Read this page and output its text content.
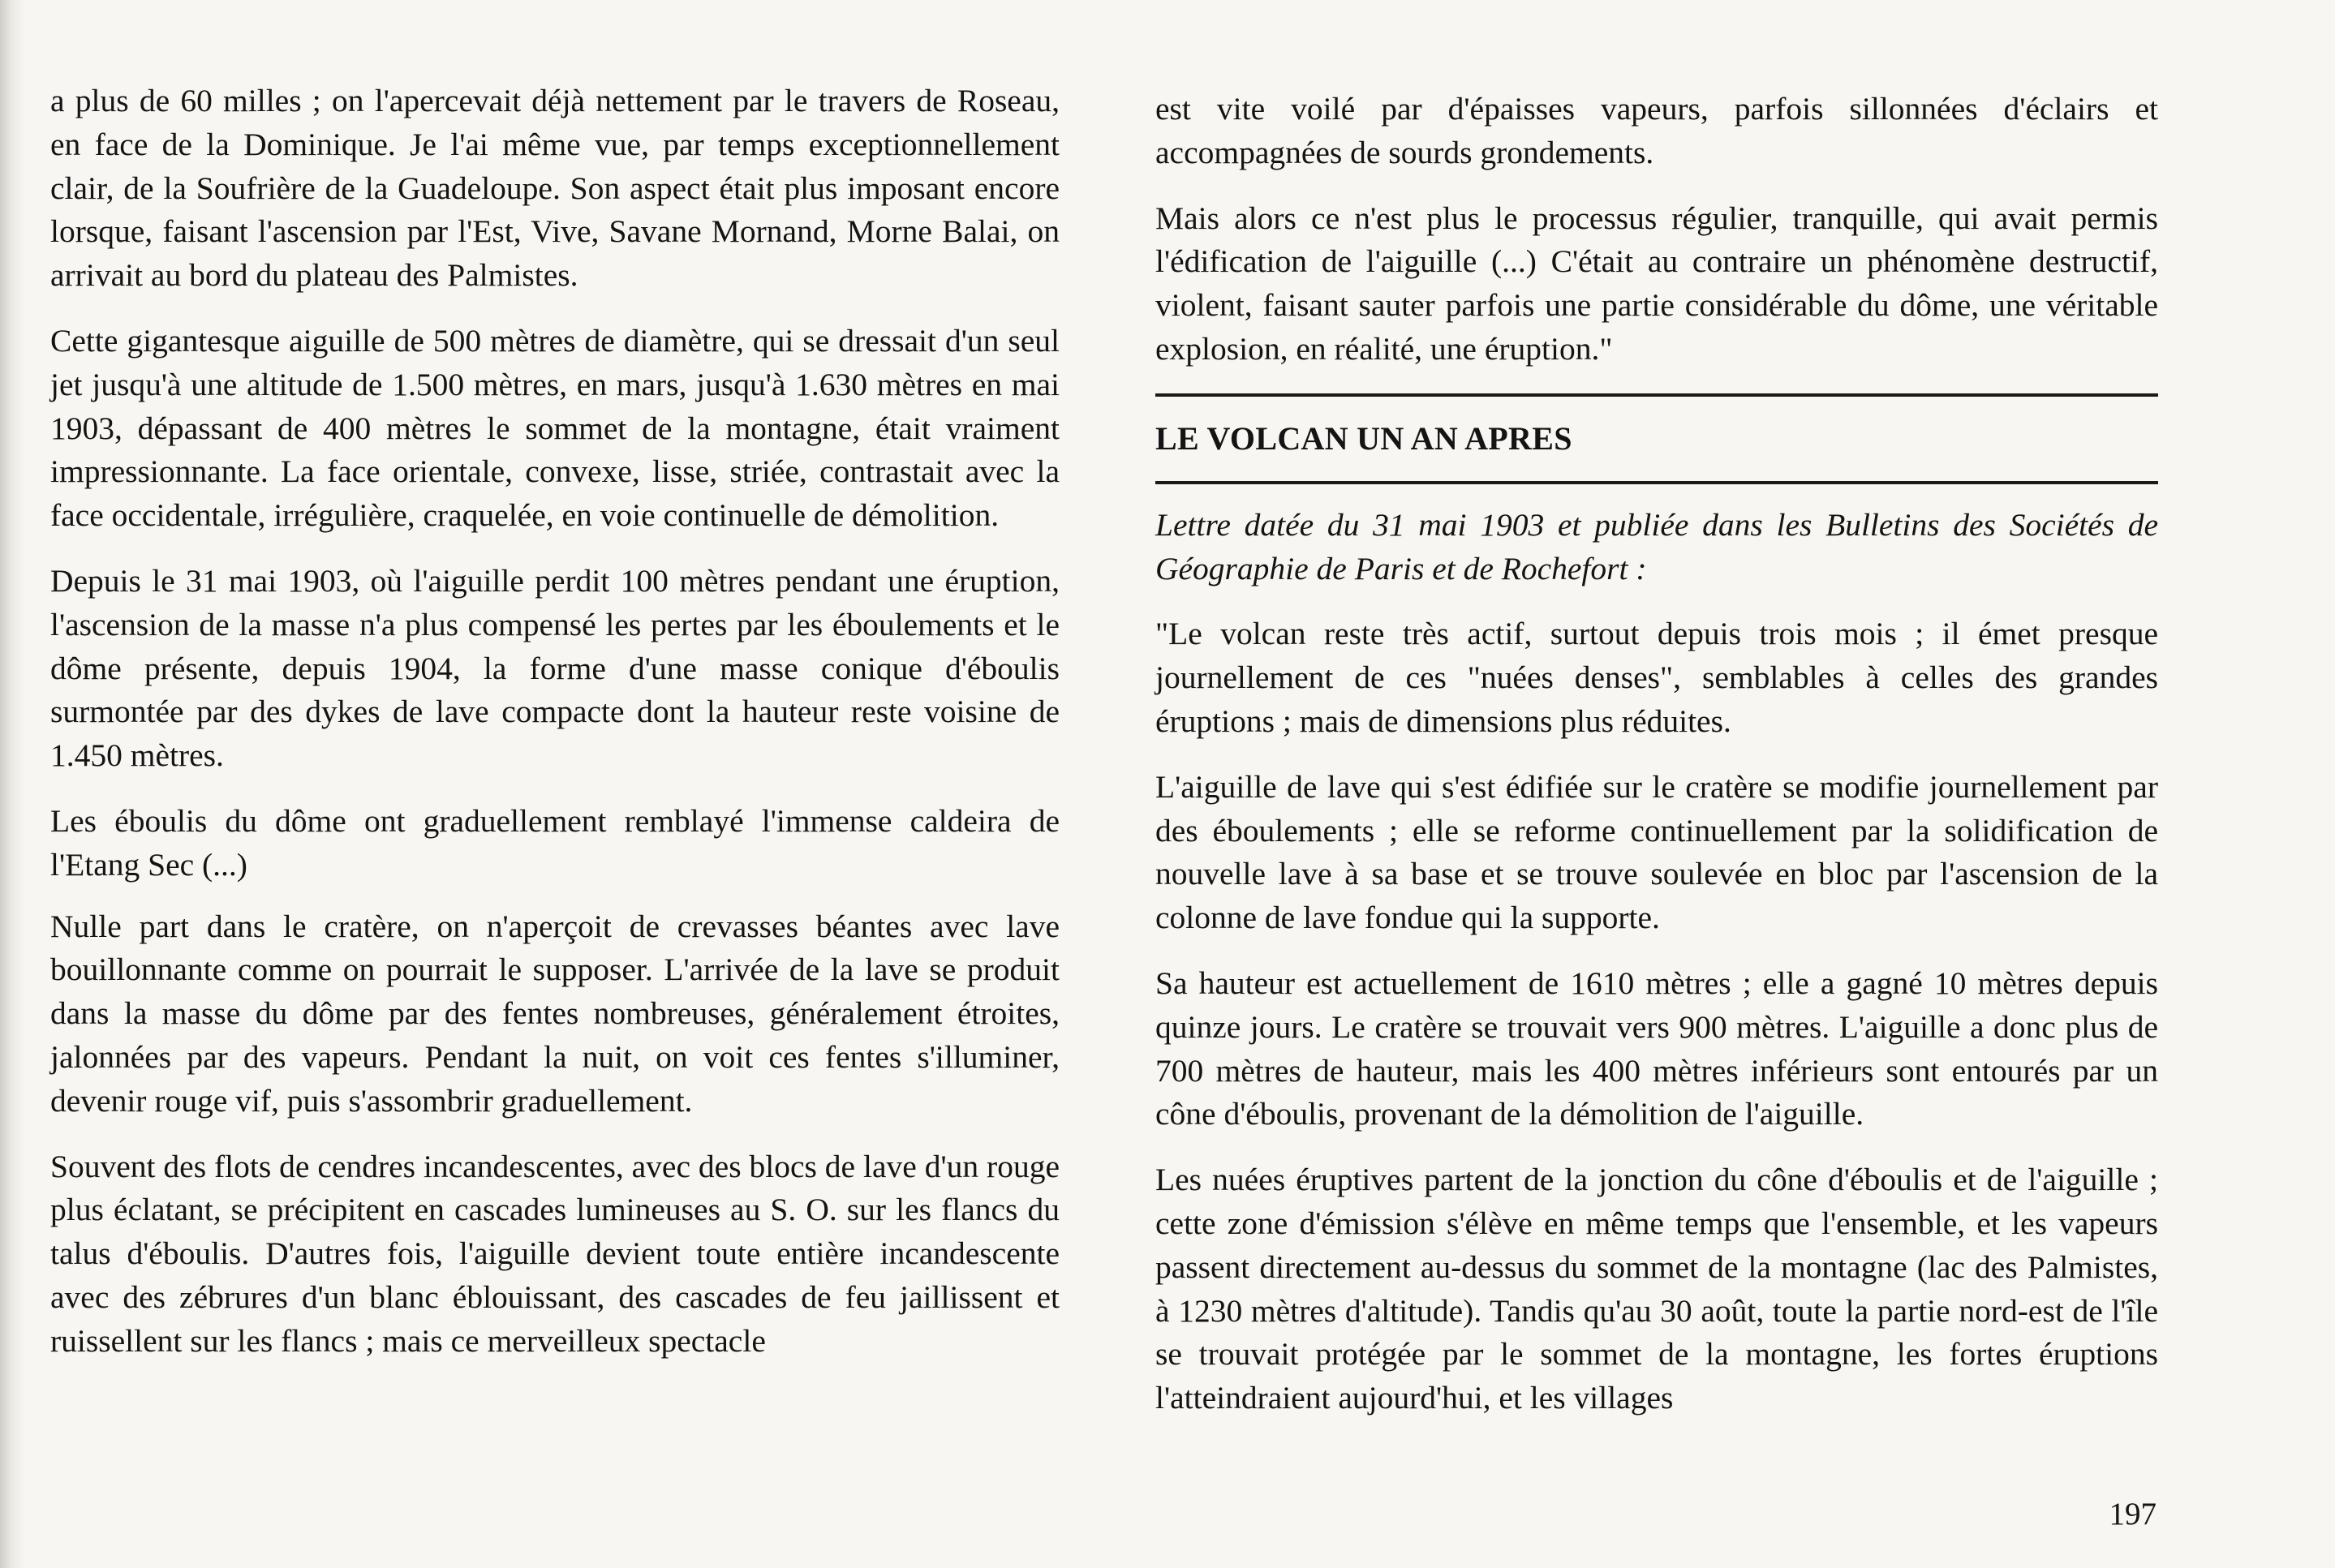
a plus de 60 milles ; on l'apercevait déjà nettement par le travers de Roseau, en face de la Dominique. Je l'ai même vue, par temps exceptionnellement clair, de la Soufrière de la Guadeloupe. Son aspect était plus imposant encore lorsque, faisant l'ascension par l'Est, Vive, Savane Mornand, Morne Balai, on arrivait au bord du plateau des Palmistes.

Cette gigantesque aiguille de 500 mètres de diamètre, qui se dressait d'un seul jet jusqu'à une altitude de 1.500 mètres, en mars, jusqu'à 1.630 mètres en mai 1903, dépassant de 400 mètres le sommet de la montagne, était vraiment impressionnante. La face orientale, convexe, lisse, striée, contrastait avec la face occidentale, irrégulière, craquelée, en voie continuelle de démolition.

Depuis le 31 mai 1903, où l'aiguille perdit 100 mètres pendant une éruption, l'ascension de la masse n'a plus compensé les pertes par les éboulements et le dôme présente, depuis 1904, la forme d'une masse conique d'éboulis surmontée par des dykes de lave compacte dont la hauteur reste voisine de 1.450 mètres.

Les éboulis du dôme ont graduellement remblayé l'immense caldeira de l'Etang Sec (...)

Nulle part dans le cratère, on n'aperçoit de crevasses béantes avec lave bouillonnante comme on pourrait le supposer. L'arrivée de la lave se produit dans la masse du dôme par des fentes nombreuses, généralement étroites, jalonnées par des vapeurs. Pendant la nuit, on voit ces fentes s'illuminer, devenir rouge vif, puis s'assombrir graduellement.

Souvent des flots de cendres incandescentes, avec des blocs de lave d'un rouge plus éclatant, se précipitent en cascades lumineuses au S. O. sur les flancs du talus d'éboulis. D'autres fois, l'aiguille devient toute entière incandescente avec des zébrures d'un blanc éblouissant, des cascades de feu jaillissent et ruissellent sur les flancs ; mais ce merveilleux spectacle

est vite voilé par d'épaisses vapeurs, parfois sillonnées d'éclairs et accompagnées de sourds grondements.

Mais alors ce n'est plus le processus régulier, tranquille, qui avait permis l'édification de l'aiguille (...) C'était au contraire un phénomène destructif, violent, faisant sauter parfois une partie considérable du dôme, une véritable explosion, en réalité, une éruption."

LE VOLCAN UN AN APRES

Lettre datée du 31 mai 1903 et publiée dans les Bulletins des Sociétés de Géographie de Paris et de Rochefort :

"Le volcan reste très actif, surtout depuis trois mois ; il émet presque journellement de ces "nuées denses", semblables à celles des grandes éruptions ; mais de dimensions plus réduites.

L'aiguille de lave qui s'est édifiée sur le cratère se modifie journellement par des éboulements ; elle se reforme continuellement par la solidification de nouvelle lave à sa base et se trouve soulevée en bloc par l'ascension de la colonne de lave fondue qui la supporte.

Sa hauteur est actuellement de 1610 mètres ; elle a gagné 10 mètres depuis quinze jours. Le cratère se trouvait vers 900 mètres. L'aiguille a donc plus de 700 mètres de hauteur, mais les 400 mètres inférieurs sont entourés par un cône d'éboulis, provenant de la démolition de l'aiguille.

Les nuées éruptives partent de la jonction du cône d'éboulis et de l'aiguille ; cette zone d'émission s'élève en même temps que l'ensemble, et les vapeurs passent directement au-dessus du sommet de la montagne (lac des Palmistes, à 1230 mètres d'altitude). Tandis qu'au 30 août, toute la partie nord-est de l'île se trouvait protégée par le sommet de la montagne, les fortes éruptions l'atteindraient aujourd'hui, et les villages

197
